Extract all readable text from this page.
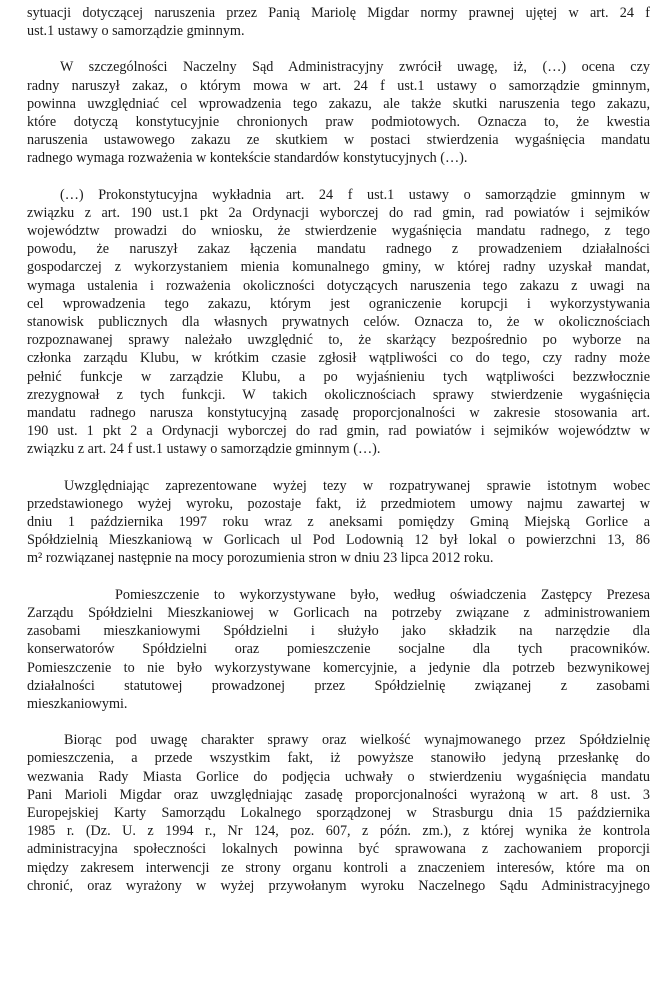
sytuacji dotyczącej naruszenia przez Panią Mariolę Migdar normy prawnej ujętej w art. 24 f
ust.1 ustawy o samorządzie gminnym.
W szczególności Naczelny Sąd Administracyjny zwrócił uwagę, iż, (…) ocena czy
radny naruszył zakaz, o którym mowa w art. 24 f ust.1 ustawy o samorządzie gminnym,
powinna uwzględniać cel wprowadzenia tego zakazu, ale także skutki naruszenia tego zakazu,
które dotyczą konstytucyjnie chronionych praw podmiotowych. Oznacza to, że kwestia
naruszenia ustawowego zakazu ze skutkiem w postaci stwierdzenia wygaśnięcia mandatu
radnego wymaga rozważenia w kontekście standardów konstytucyjnych (…).
(…) Prokonstytucyjna wykładnia art. 24 f ust.1 ustawy o samorządzie gminnym w
związku z art. 190 ust.1 pkt 2a Ordynacji wyborczej do rad gmin, rad powiatów i sejmików
województw prowadzi do wniosku, że stwierdzenie wygaśnięcia mandatu radnego, z tego
powodu, że naruszył zakaz łączenia mandatu radnego z prowadzeniem działalności
gospodarczej z wykorzystaniem mienia komunalnego gminy, w której radny uzyskał mandat,
wymaga ustalenia i rozważenia okoliczności dotyczących naruszenia tego zakazu z uwagi na
cel wprowadzenia tego zakazu, którym jest ograniczenie korupcji i wykorzystywania
stanowisk publicznych dla własnych prywatnych celów. Oznacza to, że w okolicznościach
rozpoznawanej sprawy należało uwzględnić to, że skarżący bezpośrednio po wyborze na
członka zarządu Klubu, w krótkim czasie zgłosił wątpliwości co do tego, czy radny może
pełnić funkcje w zarządzie Klubu, a po wyjaśnieniu tych wątpliwości bezzwłocznie
zrezygnował z tych funkcji. W takich okolicznościach sprawy stwierdzenie wygaśnięcia
mandatu radnego narusza konstytucyjną zasadę proporcjonalności w zakresie stosowania art.
190 ust. 1 pkt 2 a Ordynacji wyborczej do rad gmin, rad powiatów i sejmików województw w
związku z art. 24 f ust.1 ustawy o samorządzie gminnym (…).
Uwzględniając zaprezentowane wyżej tezy w rozpatrywanej sprawie istotnym wobec
przedstawionego wyżej wyroku, pozostaje fakt, iż przedmiotem umowy najmu zawartej w
dniu 1 października 1997 roku wraz z aneksami pomiędzy Gminą Miejską Gorlice a
Spółdzielnią Mieszkaniową w Gorlicach ul Pod Lodownią 12 był lokal o powierzchni 13, 86
m² rozwiązanej następnie na mocy porozumienia stron w dniu 23 lipca 2012 roku.
Pomieszczenie to wykorzystywane było, według oświadczenia Zastępcy Prezesa
Zarządu Spółdzielni Mieszkaniowej w Gorlicach na potrzeby związane z administrowaniem
zasobami mieszkaniowymi Spółdzielni i służyło jako składzik na narzędzie dla
konserwatorów Spółdzielni oraz pomieszczenie socjalne dla tych pracowników.
Pomieszczenie to nie było wykorzystywane komercyjnie, a jedynie dla potrzeb bezwynikowej
działalności statutowej prowadzonej przez Spółdzielnię związanej z zasobami
mieszkaniowymi.
Biorąc pod uwagę charakter sprawy oraz wielkość wynajmowanego przez Spółdzielnię
pomieszczenia, a przede wszystkim fakt, iż powyższe stanowiło jedyną przesłankę do
wezwania Rady Miasta Gorlice do podjęcia uchwały o stwierdzeniu wygaśnięcia mandatu
Pani Marioli Migdar oraz uwzględniając zasadę proporcjonalności wyrażoną w art. 8 ust. 3
Europejskiej Karty Samorządu Lokalnego sporządzonej w Strasburgu dnia 15 października
1985 r. (Dz. U. z 1994 r., Nr 124, poz. 607, z późn. zm.), z której wynika że kontrola
administracyjna społeczności lokalnych powinna być sprawowana z zachowaniem proporcji
między zakresem interwencji ze strony organu kontroli a znaczeniem interesów, które ma on
chronić, oraz wyrażony w wyżej przywołanym wyroku Naczelnego Sądu Administracyjnego
